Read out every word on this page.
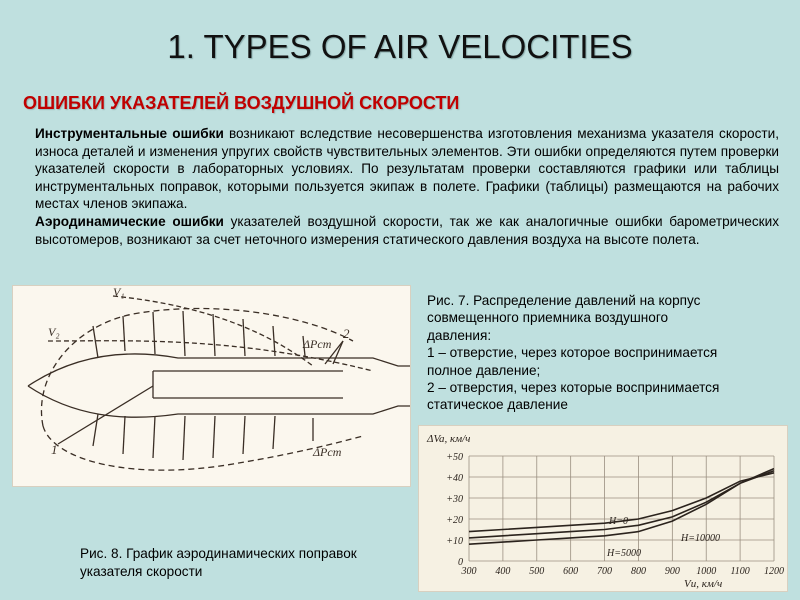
1. TYPES OF AIR VELOCITIES
ОШИБКИ УКАЗАТЕЛЕЙ ВОЗДУШНОЙ СКОРОСТИ

Инструментальные ошибки возникают вследствие несовершенства изготовления механизма указателя скорости, износа деталей и изменения упругих свойств чувствительных элементов. Эти ошибки определяются путем проверки указателей скорости в лабораторных условиях. По результатам проверки составляются графики или таблицы инструментальных поправок, которыми пользуется экипаж в полете. Графики (таблицы) размещаются на рабочих местах членов экипажа.

Аэродинамические ошибки указателей воздушной скорости, так же как аналогичные ошибки барометрических высотомеров, возникают за счет неточного измерения статического давления воздуха на высоте полета.

V₁
V₂
ΔPст
ΔPст
2
1
Рис. 7. Распределение давлений на корпус
совмещенного приемника воздушного
давления:
1 – отверстие, через которое воспринимается
полное давление;
2 – отверстия, через которые воспринимается
статическое давление
300 400 500 600 700 800 900 1000 1100 1200
0
+10
+20
+30
+40
+50
ΔVa, км/ч
Vи, км/ч
H=0
H=5000
H=10000
Рис. 8. График аэродинамических поправок
указателя скорости
